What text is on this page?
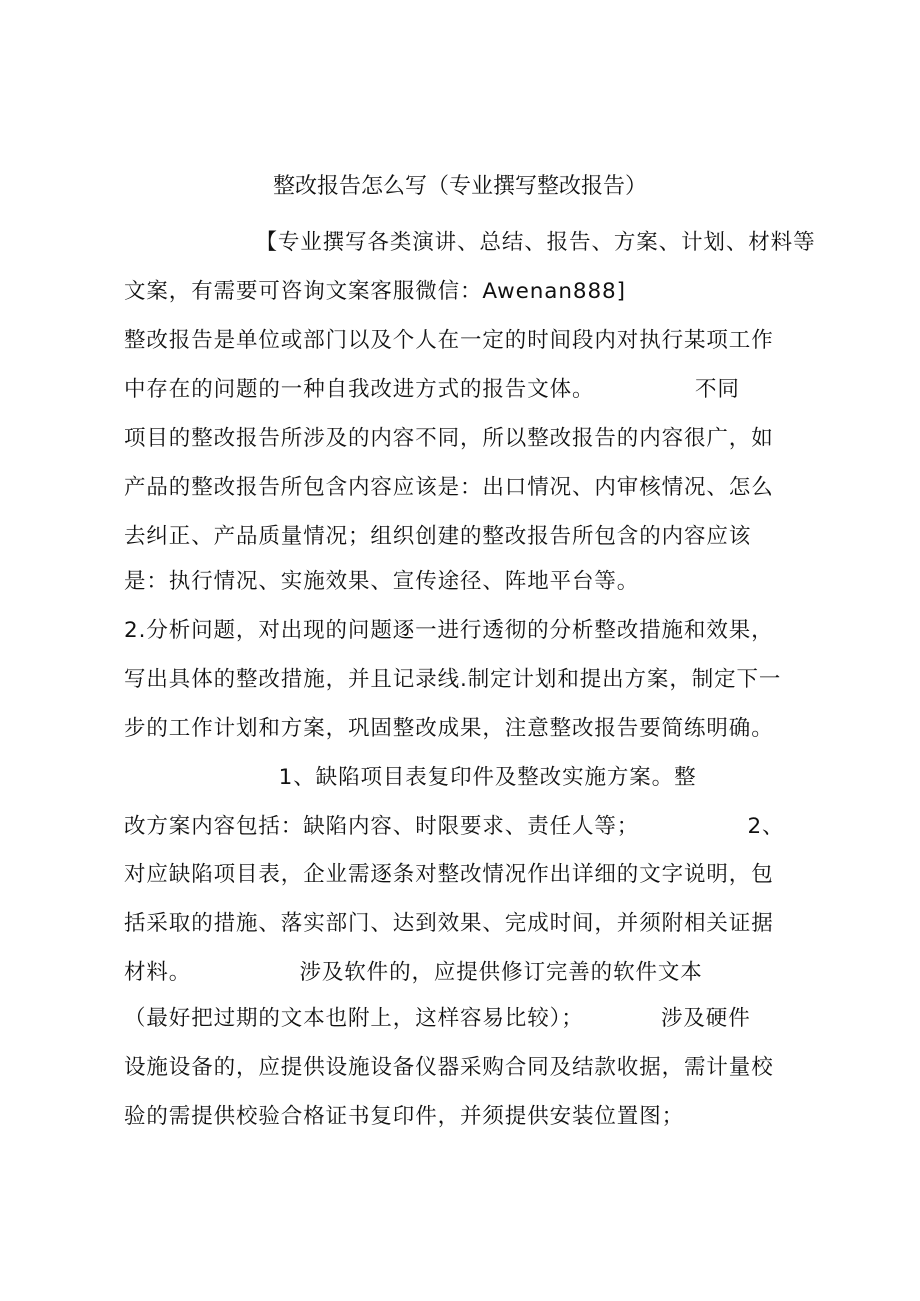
整改报告怎么写（专业撰写整改报告）
【专业撰写各类演讲、总结、报告、方案、计划、材料等
文案，有需要可咨询文案客服微信：Awenan888]
整改报告是单位或部门以及个人在一定的时间段内对执行某项工作
中存在的问题的一种自我改进方式的报告文体。             不同
项目的整改报告所涉及的内容不同，所以整改报告的内容很广，如
产品的整改报告所包含内容应该是：出口情况、内审核情况、怎么
去纠正、产品质量情况；组织创建的整改报告所包含的内容应该
是：执行情况、实施效果、宣传途径、阵地平台等。
2.分析问题，对出现的问题逐一进行透彻的分析整改措施和效果，
写出具体的整改措施，并且记录线.制定计划和提出方案，制定下一
步的工作计划和方案，巩固整改成果，注意整改报告要简练明确。
1、缺陷项目表复印件及整改实施方案。整
改方案内容包括：缺陷内容、时限要求、责任人等；              2、
对应缺陷项目表，企业需逐条对整改情况作出详细的文字说明，包
括采取的措施、落实部门、达到效果、完成时间，并须附相关证据
材料。              涉及软件的，应提供修订完善的软件文本
（最好把过期的文本也附上，这样容易比较）；          涉及硬件
设施设备的，应提供设施设备仪器采购合同及结款收据，需计量校
验的需提供校验合格证书复印件，并须提供安装位置图；
